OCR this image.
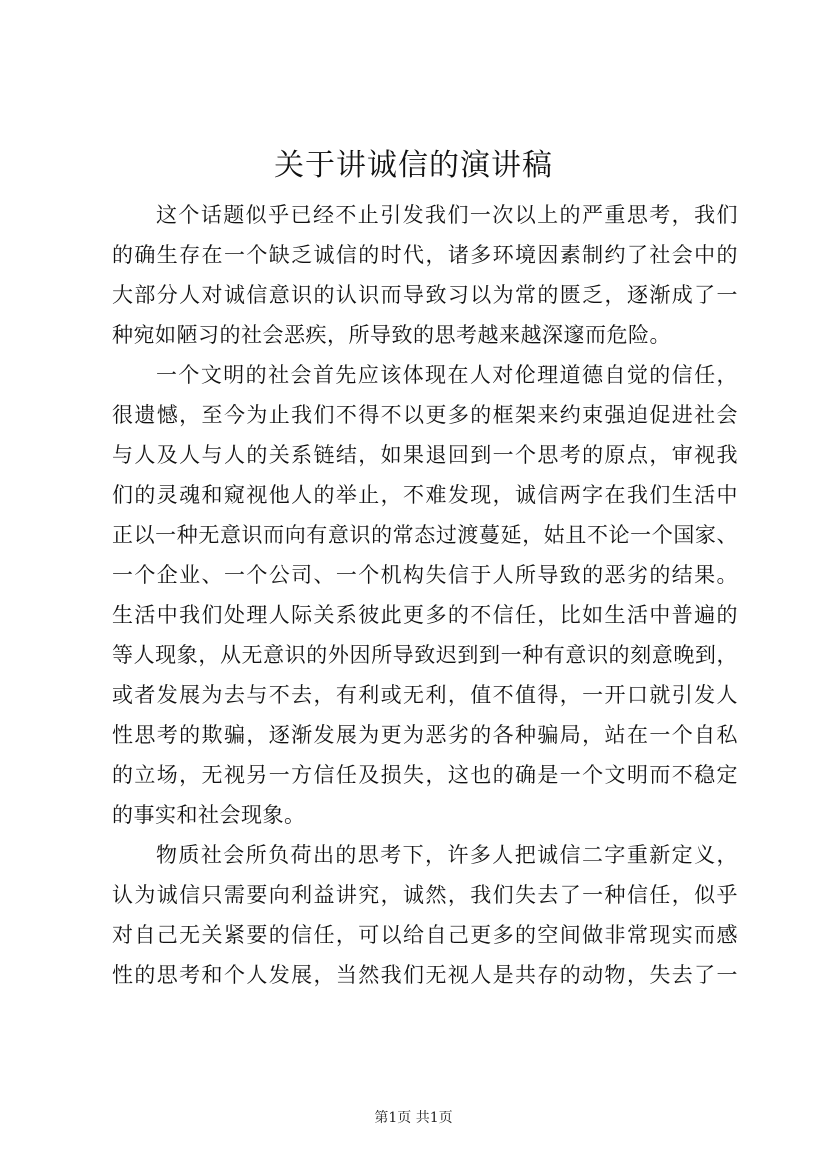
关于讲诚信的演讲稿
这个话题似乎已经不止引发我们一次以上的严重思考，我们
的确生存在一个缺乏诚信的时代，诸多环境因素制约了社会中的
大部分人对诚信意识的认识而导致习以为常的匮乏，逐渐成了一
种宛如陋习的社会恶疾，所导致的思考越来越深邃而危险。
一个文明的社会首先应该体现在人对伦理道德自觉的信任，
很遗憾，至今为止我们不得不以更多的框架来约束强迫促进社会
与人及人与人的关系链结，如果退回到一个思考的原点，审视我
们的灵魂和窥视他人的举止，不难发现，诚信两字在我们生活中
正以一种无意识而向有意识的常态过渡蔓延，姑且不论一个国家、
一个企业、一个公司、一个机构失信于人所导致的恶劣的结果。
生活中我们处理人际关系彼此更多的不信任，比如生活中普遍的
等人现象，从无意识的外因所导致迟到到一种有意识的刻意晚到，
或者发展为去与不去，有利或无利，值不值得，一开口就引发人
性思考的欺骗，逐渐发展为更为恶劣的各种骗局，站在一个自私
的立场，无视另一方信任及损失，这也的确是一个文明而不稳定
的事实和社会现象。
物质社会所负荷出的思考下，许多人把诚信二字重新定义，
认为诚信只需要向利益讲究，诚然，我们失去了一种信任，似乎
对自己无关紧要的信任，可以给自己更多的空间做非常现实而感
性的思考和个人发展，当然我们无视人是共存的动物，失去了一
第1页 共1页
